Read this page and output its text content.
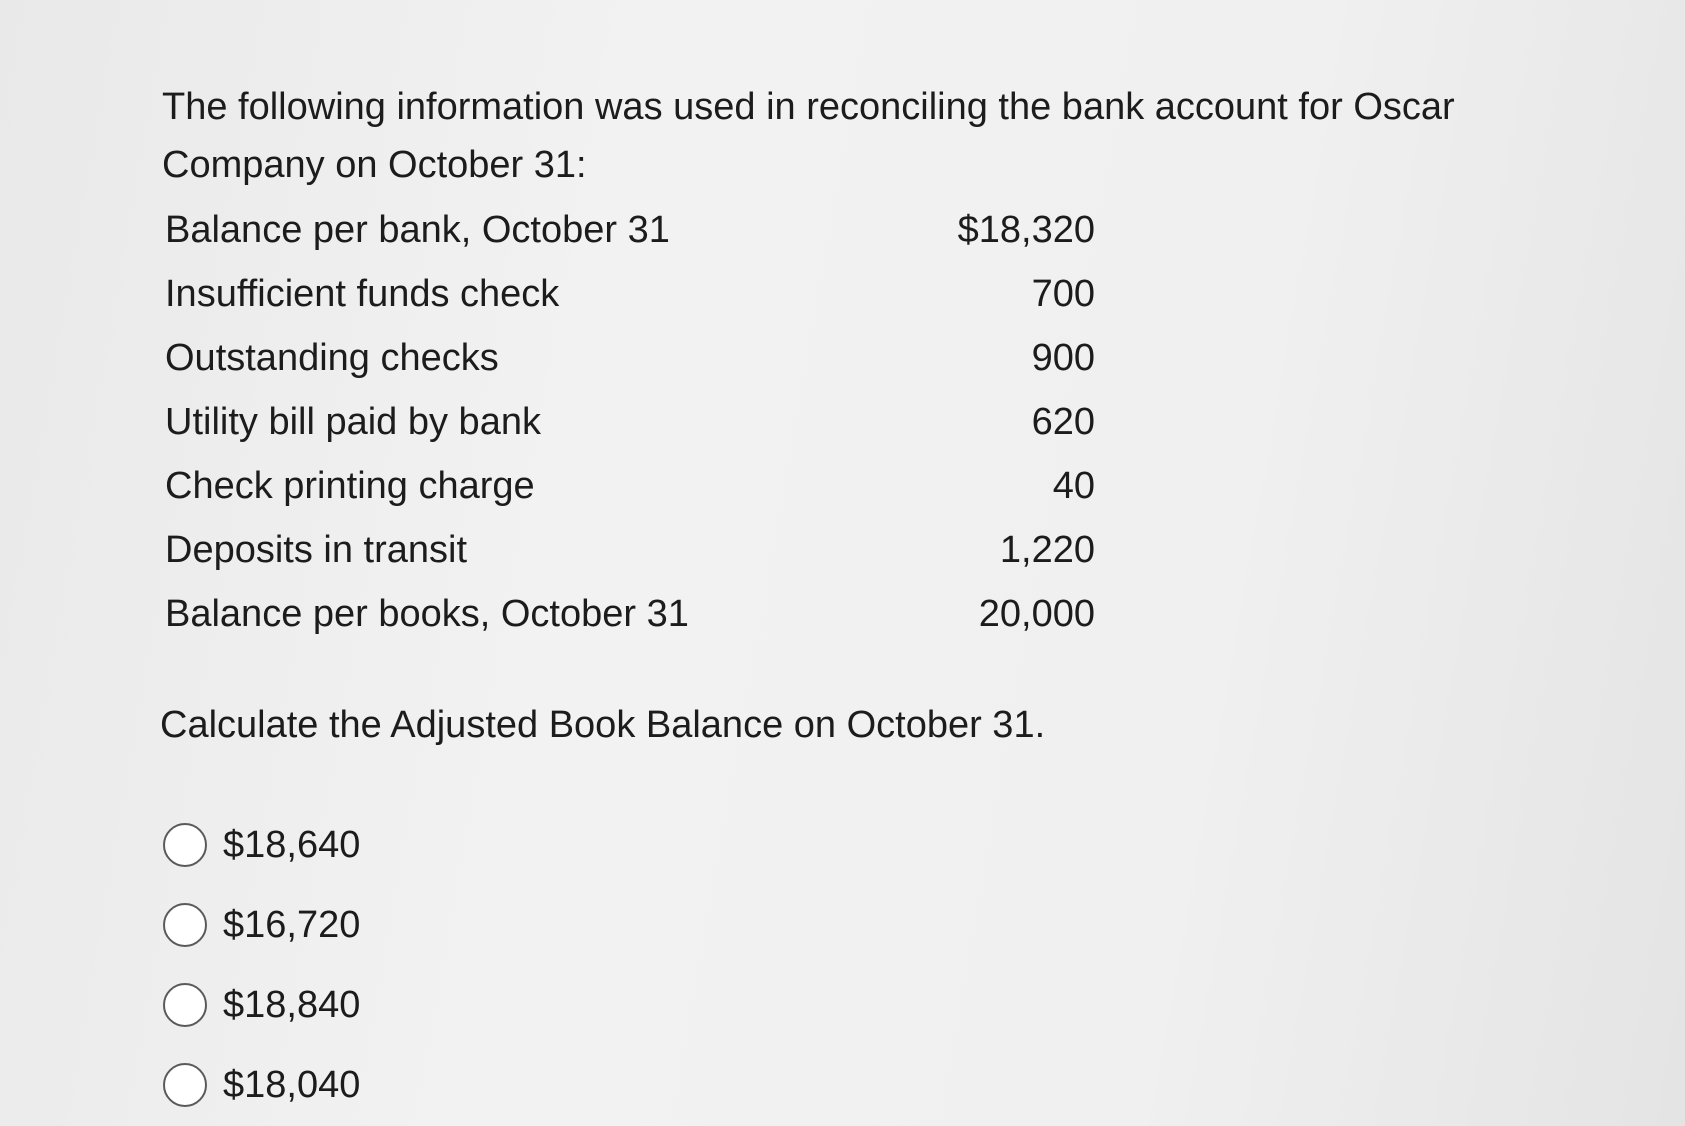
The following information was used in reconciling the bank account for Oscar Company on October 31:

Balance per bank, October 31	$18,320
Insufficient funds check	700
Outstanding checks	900
Utility bill paid by bank	620
Check printing charge	40
Deposits in transit	1,220
Balance per books, October 31	20,000

Calculate the Adjusted Book Balance on October 31.

$18,640
$16,720
$18,840
$18,040
